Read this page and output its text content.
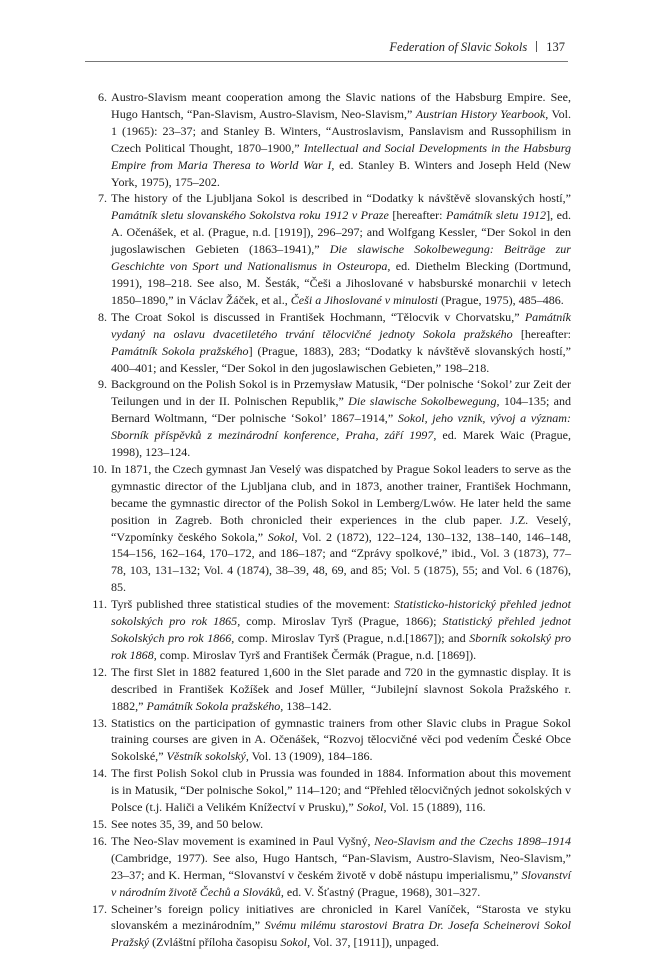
Federation of Slavic Sokols 137
6. Austro-Slavism meant cooperation among the Slavic nations of the Habsburg Empire. See, Hugo Hantsch, “Pan-Slavism, Austro-Slavism, Neo-Slavism,” Austrian History Yearbook, Vol. 1 (1965): 23–37; and Stanley B. Winters, “Austroslavism, Panslavism and Russophilism in Czech Political Thought, 1870–1900,” Intellectual and Social Developments in the Habsburg Empire from Maria Theresa to World War I, ed. Stanley B. Winters and Joseph Held (New York, 1975), 175–202.
7. The history of the Ljubljana Sokol is described in “Dodatky k návštěvě slovanských hostí,” Památník sletu slovanského Sokolstva roku 1912 v Praze [hereafter: Památník sletu 1912], ed. A. Očenášek, et al. (Prague, n.d. [1919]), 296–297; and Wolfgang Kessler, “Der Sokol in den jugoslawischen Gebieten (1863–1941),” Die slawische Sokolbewegung: Beiträge zur Geschichte von Sport und Nationalismus in Osteuropa, ed. Diethelm Blecking (Dortmund, 1991), 198–218. See also, M. Šesták, “Češi a Jihoslované v habsburské monarchii v letech 1850–1890,” in Václav Žáček, et al., Češi a Jihoslované v minulosti (Prague, 1975), 485–486.
8. The Croat Sokol is discussed in František Hochmann, “Tělocvik v Chorvatsku,” Památník vydaný na oslavu dvacetiletého trvání tělocvičné jednoty Sokola pražského [hereafter: Památník Sokola pražského] (Prague, 1883), 283; “Dodatky k návštěvě slovanských hostí,” 400–401; and Kessler, “Der Sokol in den jugoslawischen Gebieten,” 198–218.
9. Background on the Polish Sokol is in Przemysław Matusik, “Der polnische ‘Sokol’ zur Zeit der Teilungen und in der II. Polnischen Republik,” Die slawische Sokolbewegung, 104–135; and Bernard Woltmann, “Der polnische ‘Sokol’ 1867–1914,” Sokol, jeho vznik, vývoj a význam: Sborník příspěvků z mezinárodní konference, Praha, září 1997, ed. Marek Waic (Prague, 1998), 123–124.
10. In 1871, the Czech gymnast Jan Veselý was dispatched by Prague Sokol leaders to serve as the gymnastic director of the Ljubljana club, and in 1873, another trainer, František Hochmann, became the gymnastic director of the Polish Sokol in Lemberg/Lwów. He later held the same position in Zagreb. Both chronicled their experiences in the club paper. J.Z. Veselý, “Vzpomínky českého Sokola,” Sokol, Vol. 2 (1872), 122–124, 130–132, 138–140, 146–148, 154–156, 162–164, 170–172, and 186–187; and “Zprávy spolkové,” ibid., Vol. 3 (1873), 77–78, 103, 131–132; Vol. 4 (1874), 38–39, 48, 69, and 85; Vol. 5 (1875), 55; and Vol. 6 (1876), 85.
11. Tyrš published three statistical studies of the movement: Statisticko-historický přehled jednot sokolských pro rok 1865, comp. Miroslav Tyrš (Prague, 1866); Statistický přehled jednot Sokolských pro rok 1866, comp. Miroslav Tyrš (Prague, n.d.[1867]); and Sborník sokolský pro rok 1868, comp. Miroslav Tyrš and František Čermák (Prague, n.d. [1869]).
12. The first Slet in 1882 featured 1,600 in the Slet parade and 720 in the gymnastic display. It is described in František Kožíšek and Josef Müller, “Jubilejní slavnost Sokola Pražského r. 1882,” Památník Sokola pražského, 138–142.
13. Statistics on the participation of gymnastic trainers from other Slavic clubs in Prague Sokol training courses are given in A. Očenášek, “Rozvoj tělocvičné věci pod vedením České Obce Sokolské,” Věstník sokolský, Vol. 13 (1909), 184–186.
14. The first Polish Sokol club in Prussia was founded in 1884. Information about this movement is in Matusik, “Der polnische Sokol,” 114–120; and “Přehled tělocvičných jednot sokolských v Polsce (t.j. Haliči a Velikém Knížectví v Prusku),” Sokol, Vol. 15 (1889), 116.
15. See notes 35, 39, and 50 below.
16. The Neo-Slav movement is examined in Paul Vyšný, Neo-Slavism and the Czechs 1898–1914 (Cambridge, 1977). See also, Hugo Hantsch, “Pan-Slavism, Austro-Slavism, Neo-Slavism,” 23–37; and K. Herman, “Slovanství v českém životě v době nástupu imperialismu,” Slovanství v národním životě Čechů a Slováků, ed. V. Šťastný (Prague, 1968), 301–327.
17. Scheiner’s foreign policy initiatives are chronicled in Karel Vaníček, “Starosta ve styku slovanském a mezinárodním,” Svému milému starostovi Bratra Dr. Josefa Scheinerovi Sokol Pražský (Zvláštní příloha časopisu Sokol, Vol. 37, [1911]), unpaged.
